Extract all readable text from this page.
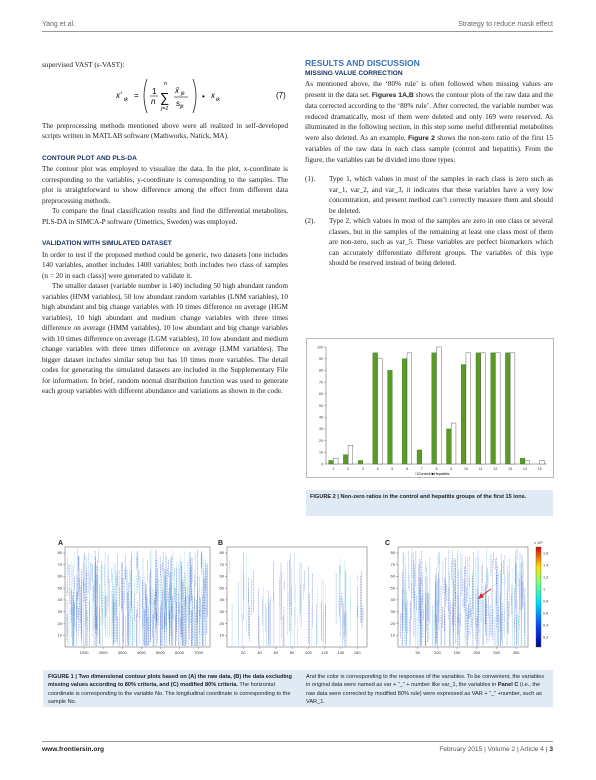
Yang et al.	Strategy to reduce mask effect

supervised VAST (s-VAST):

x' ik = 1
n ∑
n
j=1
x̄ jk
s jk
• x ik	(7)

The preprocessing methods mentioned above were all realized in self-developed scripts written in MATLAB software (Mathworks, Natick, MA).

CONTOUR PLOT AND PLS-DA

The contour plot was employed to visualize the data. In the plot, x-coordinate is corresponding to the variables, y-coordinate is corresponding to the samples. The plot is straightforward to show difference among the effect from different data preprocessing methods.

To compare the final classification results and find the differential metabolites, PLS-DA in SIMCA-P software (Umetrics, Sweden) was employed.

VALIDATION WITH SIMULATED DATASET

In order to test if the proposed method could be generic, two datasets [one includes 140 variables, another includes 1400 variables; both includes two class of samples (n = 20 in each class)] were generated to validate it.

The smaller dataset (variable number is 140) including 50 high abundant random variables (HNM variables), 50 low abundant random variables (LNM variables), 10 high abundant and big change variables with 10 times difference on average (HGM variables), 10 high abundant and medium change variables with three times difference on average (HMM variables), 10 low abundant and big change variables with 10 times difference on average (LGM variables), 10 low abundant and medium change variables with three times difference on average (LMM variables). The bigger dataset includes similar setup but has 10 times more variables. The detail codes for generating the simulated datasets are included in the Supplementary File for information. In brief, random normal distribution function was used to generate each group variables with different abundance and variations as shown in the code.

RESULTS AND DISCUSSION

MISSING VALUE CORRECTION

As mentioned above, the ‘80% rule’ is often followed when missing values are present in the data set. Figures 1A,B shows the contour plots of the raw data and the data corrected according to the ‘80% rule’. After corrected, the variable number was reduced dramatically, most of them were deleted and only 169 were reserved. As illuminated in the following section, in this step some useful differential metabolites were also deleted. As an example, Figure 2 shows the non-zero ratio of the first 15 variables of the raw data in each class sample (control and hepatitis). From the figure, the variables can be divided into three types:

(1). Type 1, which values in most of the samples in each class is zero such as var_1, var_2, and var_3, it indicates that these variables have a very low concentration, and present method can’t correctly measure them and should be deleted.
(2). Type 2, which values in most of the samples are zero in one class or several classes, but in the samples of the remaining at least one class most of them are non-zero, such as var_5. These variables are perfect biomarkers which can accurately differentiate different groups. The variables of this type should be reserved instead of being deleted.
□Control ■Hepatitis
0
10
20
30
40
50
60
70
80
90
100
1	2	3	4	5	6	7	8	9	10	11	12	13	14	15
FIGURE 2 | Non-zero ratios in the control and hepatitis groups of the first 15 ions.
A	B	C
10
20
30
40
50
60
70
80
1000	2000	3000	4000	5000	6000	7000
10
20
30
40
50
60
70
80
20	40	60	80	100 120 140 160
10
20
30
40
50
60
70
80
50	100	150	200	250	300
1.6
1.4
1.2
1
0.8
0.6
0.4
0.2
x 10⁵
FIGURE 1 | Two dimensional contour plots based on (A) the raw data, (B) the data excluding missing values according to 80% criteria, and (C) modified 80% criteria. The horizontal coordinate is corresponding to the variable No. The longitudinal coordinate is corresponding to the sample No.
And the color is corresponding to the responses of the variables. To be convenient, the variables in original data were named as var + “_” + number like var_1, the variables in Panel C (i.e., the raw data were corrected by modified 80% rule) were expressed as VAR + “_” +number, such as VAR_1.
www.frontiersin.org	February 2015 | Volume 2 | Article 4 | 3
